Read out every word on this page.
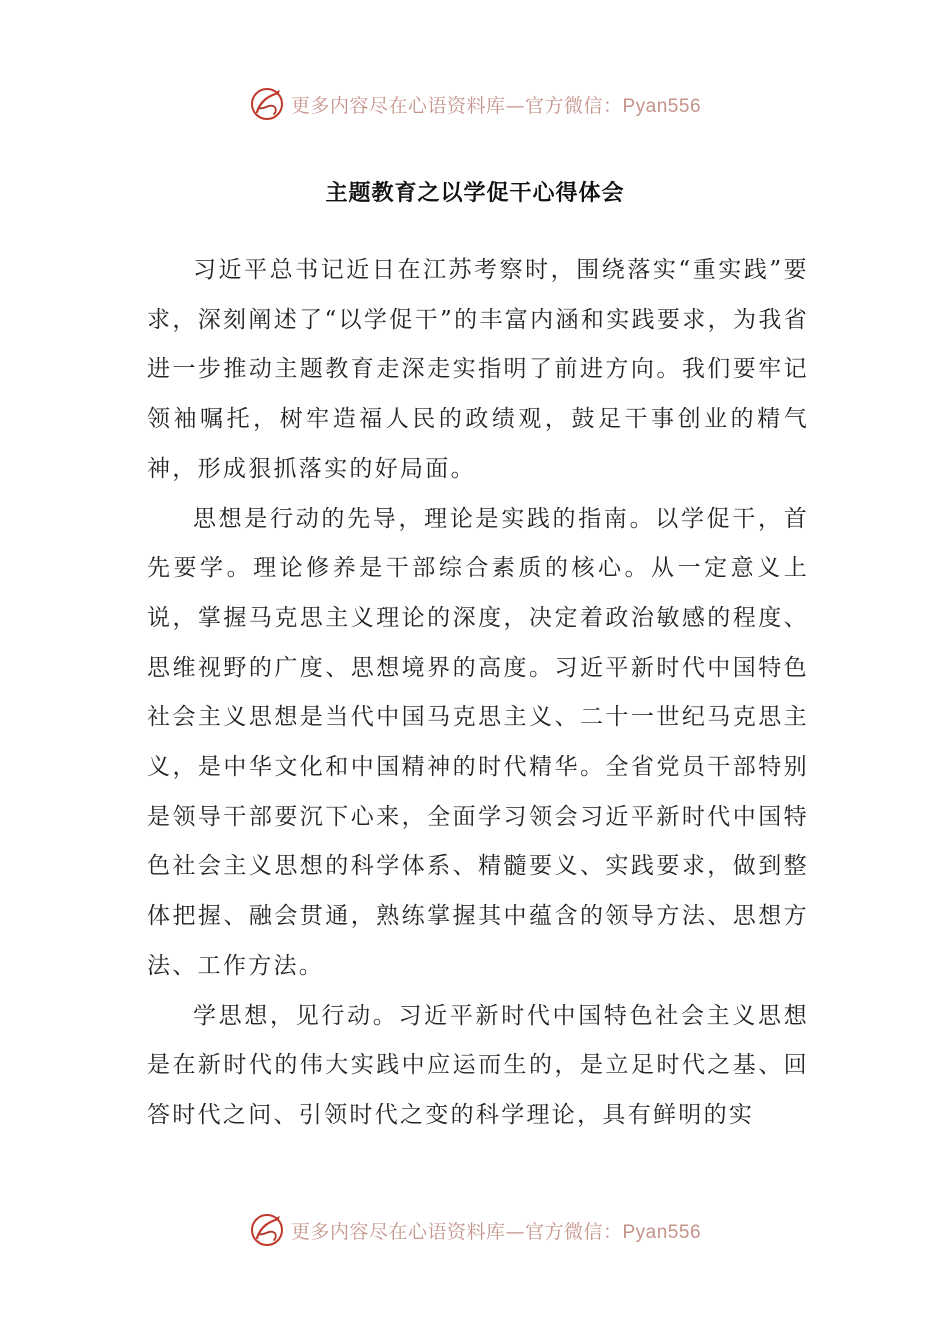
更多内容尽在心语资料库—官方微信：Pyan556
主题教育之以学促干心得体会

习近平总书记近日在江苏考察时，围绕落实“重实践”要求，深刻阐述了“以学促干”的丰富内涵和实践要求，为我省进一步推动主题教育走深走实指明了前进方向。我们要牢记领袖嘱托，树牢造福人民的政绩观，鼓足干事创业的精气神，形成狠抓落实的好局面。

思想是行动的先导，理论是实践的指南。以学促干，首先要学。理论修养是干部综合素质的核心。从一定意义上说，掌握马克思主义理论的深度，决定着政治敏感的程度、思维视野的广度、思想境界的高度。习近平新时代中国特色社会主义思想是当代中国马克思主义、二十一世纪马克思主义，是中华文化和中国精神的时代精华。全省党员干部特别是领导干部要沉下心来，全面学习领会习近平新时代中国特色社会主义思想的科学体系、精髓要义、实践要求，做到整体把握、融会贯通，熟练掌握其中蕴含的领导方法、思想方法、工作方法。

学思想，见行动。习近平新时代中国特色社会主义思想是在新时代的伟大实践中应运而生的，是立足时代之基、回答时代之问、引领时代之变的科学理论，具有鲜明的实

更多内容尽在心语资料库—官方微信：Pyan556
